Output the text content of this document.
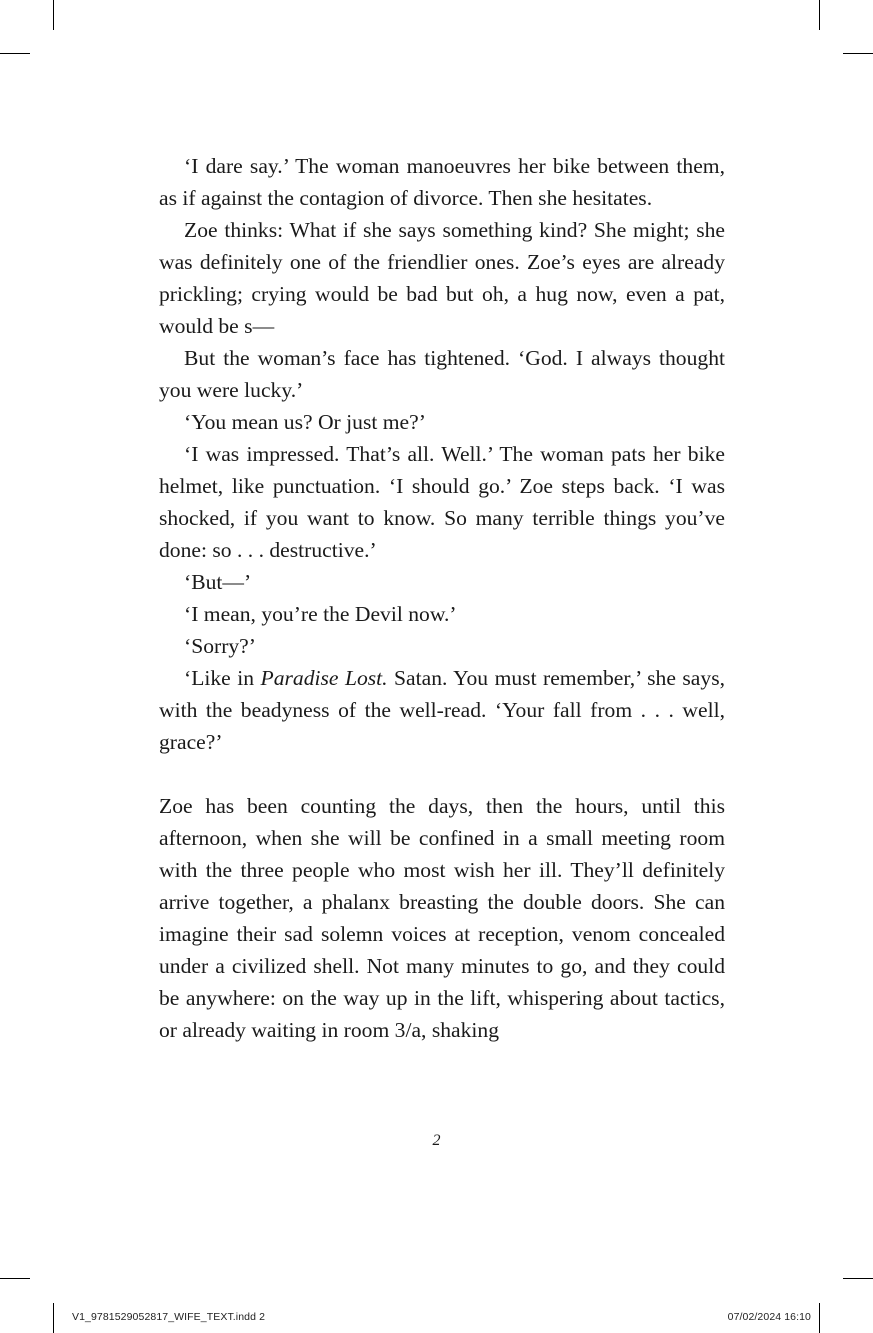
‘I dare say.’ The woman manoeuvres her bike between them, as if against the contagion of divorce. Then she hesitates.

Zoe thinks: What if she says something kind? She might; she was definitely one of the friendlier ones. Zoe’s eyes are already prickling; crying would be bad but oh, a hug now, even a pat, would be s—

But the woman’s face has tightened. ‘God. I always thought you were lucky.’

‘You mean us? Or just me?’

‘I was impressed. That’s all. Well.’ The woman pats her bike helmet, like punctuation. ‘I should go.’ Zoe steps back. ‘I was shocked, if you want to know. So many terrible things you’ve done: so . . . destructive.’

‘But—’

‘I mean, you’re the Devil now.’

‘Sorry?’

‘Like in Paradise Lost. Satan. You must remember,’ she says, with the beadyness of the well-read. ‘Your fall from . . . well, grace?’

Zoe has been counting the days, then the hours, until this afternoon, when she will be confined in a small meeting room with the three people who most wish her ill. They’ll definitely arrive together, a phalanx breasting the double doors. She can imagine their sad solemn voices at reception, venom concealed under a civilized shell. Not many minutes to go, and they could be anywhere: on the way up in the lift, whispering about tactics, or already waiting in room 3/a, shaking

2
V1_9781529052817_WIFE_TEXT.indd 2	07/02/2024 16:10
